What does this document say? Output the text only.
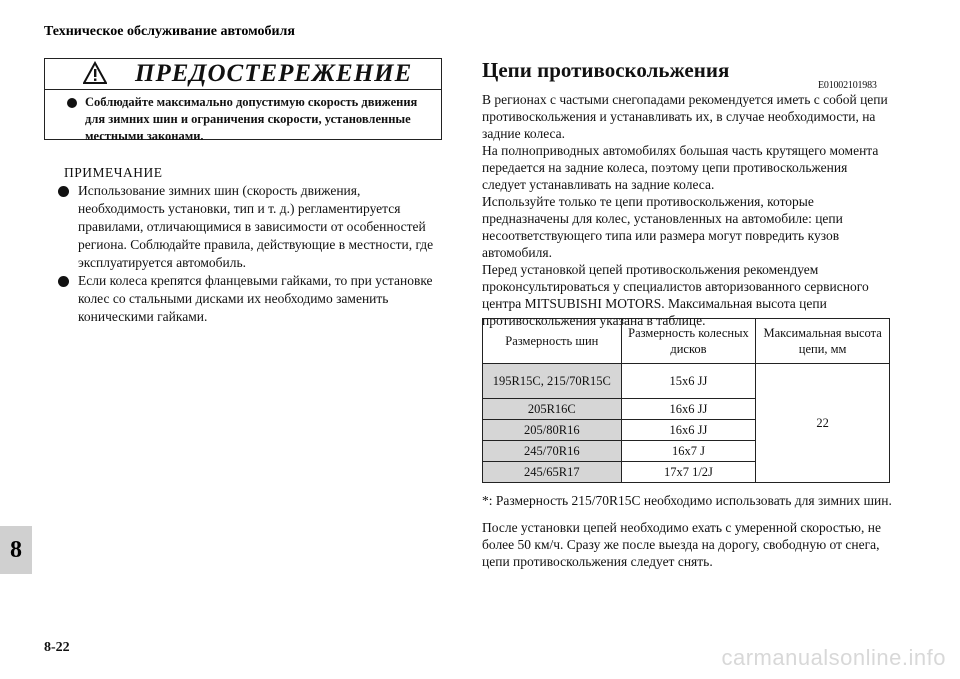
Техническое обслуживание автомобиля
ПРЕДОСТЕРЕЖЕНИЕ
Соблюдайте максимально допустимую скорость движения для зимних шин и ограничения скорости, установленные местными законами.
ПРИМЕЧАНИЕ
Использование зимних шин (скорость движения, необходимость установки, тип и т. д.) регламентируется правилами, отличающимися в зависимости от особенностей региона. Соблюдайте правила, действующие в местности, где эксплуатируется автомобиль.
Если колеса крепятся фланцевыми гайками, то при установке колес со стальными дисками их необходимо заменить коническими гайками.
Цепи противоскольжения
E01002101983
В регионах с частыми снегопадами рекомендуется иметь с собой цепи
противоскольжения и устанавливать их, в случае необходимости, на
задние колеса.
На полноприводных автомобилях большая часть крутящего момента
передается на задние колеса, поэтому цепи противоскольжения
следует устанавливать на задние колеса.
Используйте только те цепи противоскольжения, которые
предназначены для колес, установленных на автомобиле: цепи
несоответствующего типа или размера могут повредить кузов
автомобиля.
Перед установкой цепей противоскольжения рекомендуем
проконсультироваться у специалистов авторизованного сервисного
центра MITSUBISHI MOTORS. Максимальная высота цепи
противоскольжения указана в таблице.
Размерность шин	Размерность колесных дисков	Максимальная высота цепи, мм
195R15C, 215/70R15C	15x6 JJ	22
205R16C	16x6 JJ	
205/80R16	16x6 JJ	
245/70R16	16x7 J	
245/65R17	17x7 1/2J	
*: Размерность 215/70R15C необходимо использовать для зимних шин.
После установки цепей необходимо ехать с умеренной скоростью, не
более 50 км/ч. Сразу же после выезда на дорогу, свободную от снега,
цепи противоскольжения следует снять.
8
8-22	carmanualsonline.info
